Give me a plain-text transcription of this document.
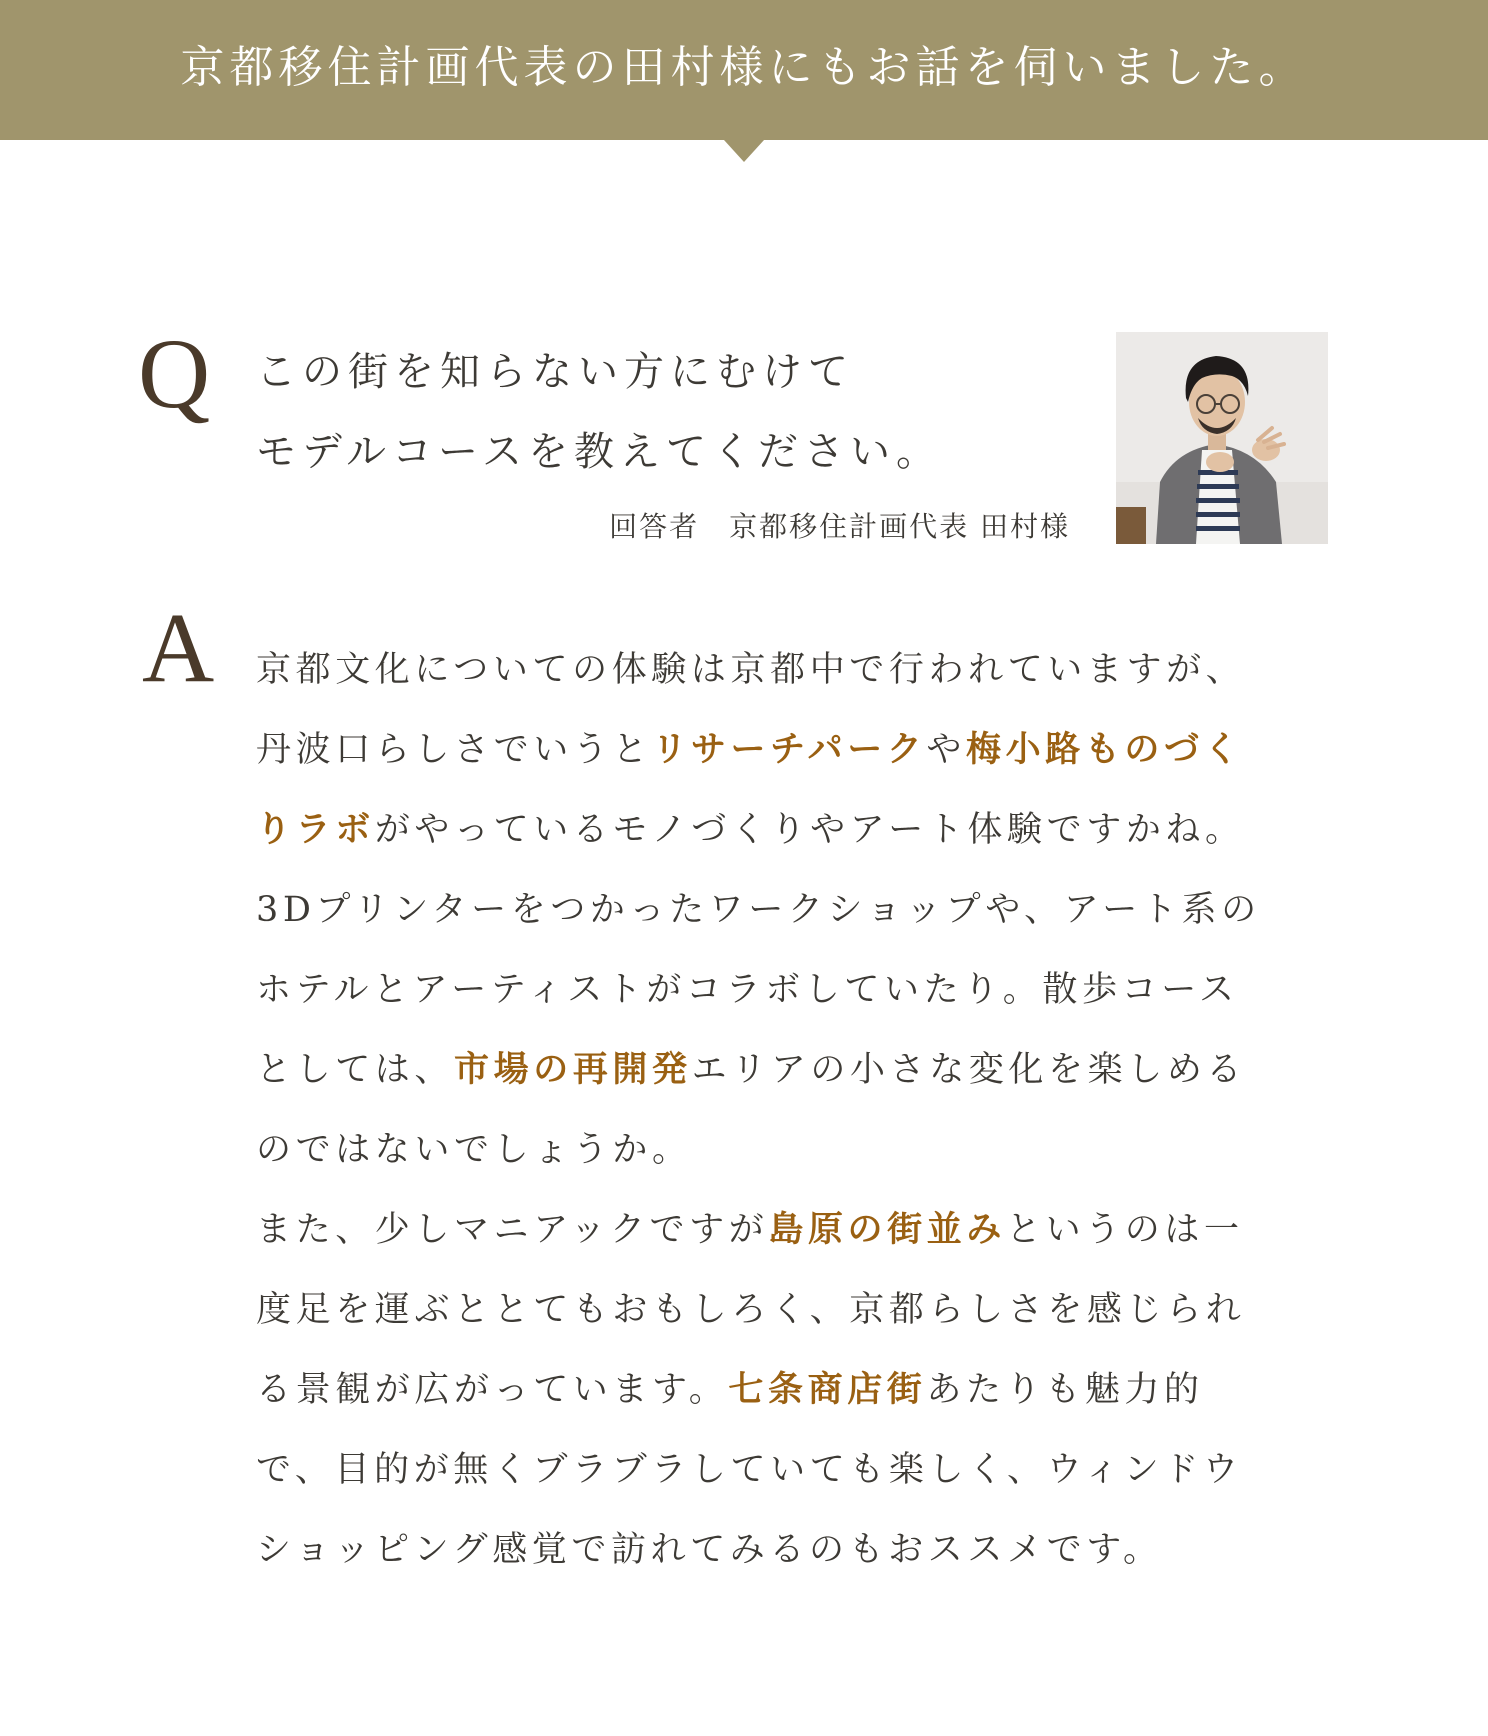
京都移住計画代表の田村様にもお話を伺いました。
Q この街を知らない方にむけて
モデルコースを教えてください。
回答者　京都移住計画代表 田村様
A 京都文化についての体験は京都中で行われていますが、
丹波口らしさでいうとリサーチパークや梅小路ものづく
りラボがやっているモノづくりやアート体験ですかね。
3Dプリンターをつかったワークショップや、アート系の
ホテルとアーティストがコラボしていたり。散歩コース
としては、市場の再開発エリアの小さな変化を楽しめる
のではないでしょうか。
また、少しマニアックですが島原の街並みというのは一
度足を運ぶととてもおもしろく、京都らしさを感じられ
る景観が広がっています。七条商店街あたりも魅力的
で、目的が無くブラブラしていても楽しく、ウィンドウ
ショッピング感覚で訪れてみるのもおススメです。
